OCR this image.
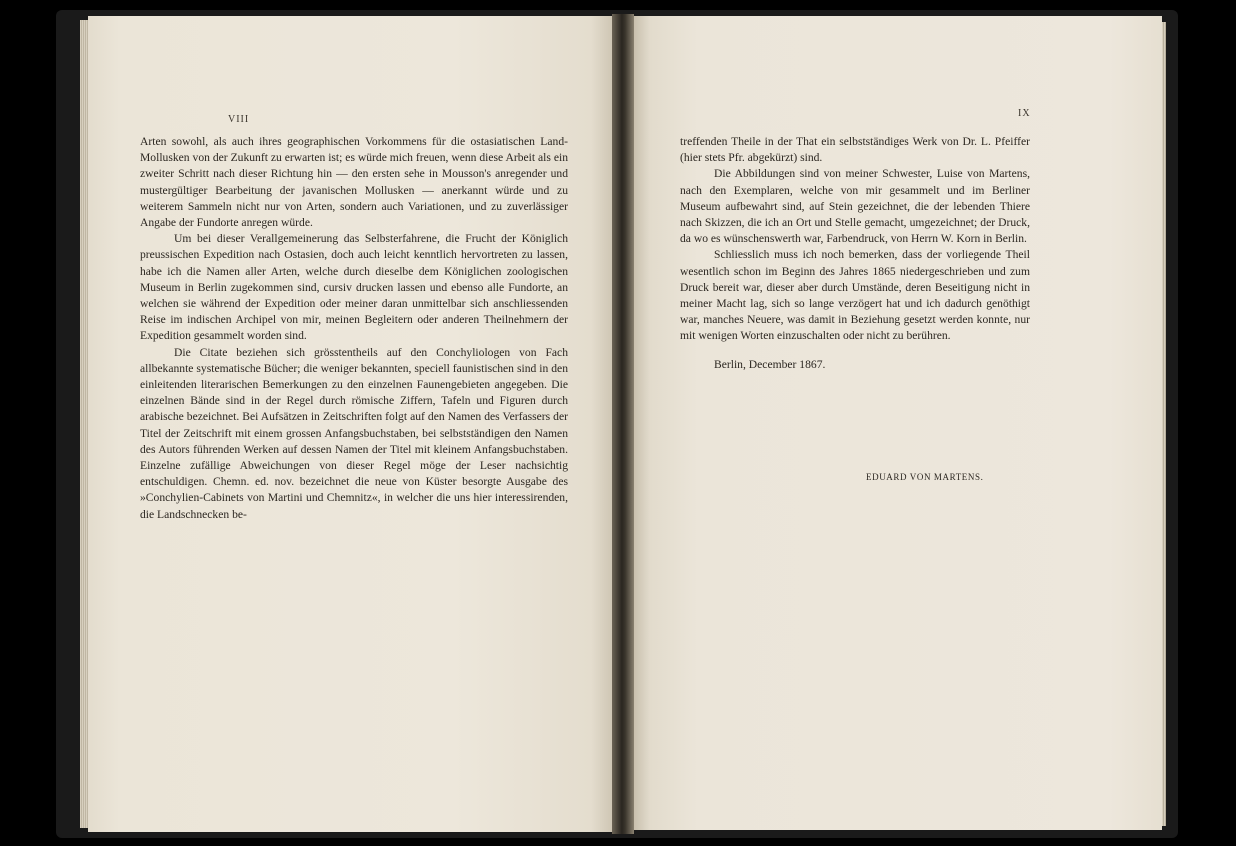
VIII

Arten sowohl, als auch ihres geographischen Vorkommens für die ostasiatischen Land-Mollusken von der Zukunft zu erwarten ist; es würde mich freuen, wenn diese Arbeit als ein zweiter Schritt nach dieser Richtung hin — den ersten sehe in Mousson's anregender und mustergültiger Bearbeitung der javanischen Mollusken — anerkannt würde und zu weiterem Sammeln nicht nur von Arten, sondern auch Variationen, und zu zuverlässiger Angabe der Fundorte anregen würde.

Um bei dieser Verallgemeinerung das Selbsterfahrene, die Frucht der Königlich preussischen Expedition nach Ostasien, doch auch leicht kenntlich hervortreten zu lassen, habe ich die Namen aller Arten, welche durch dieselbe dem Königlichen zoologischen Museum in Berlin zugekommen sind, cursiv drucken lassen und ebenso alle Fundorte, an welchen sie während der Expedition oder meiner daran unmittelbar sich anschliessenden Reise im indischen Archipel von mir, meinen Begleitern oder anderen Theilnehmern der Expedition gesammelt worden sind.

Die Citate beziehen sich grösstentheils auf den Conchyliologen von Fach allbekannte systematische Bücher; die weniger bekannten, speciell faunistischen sind in den einleitenden literarischen Bemerkungen zu den einzelnen Faunengebieten angegeben. Die einzelnen Bände sind in der Regel durch römische Ziffern, Tafeln und Figuren durch arabische bezeichnet. Bei Aufsätzen in Zeitschriften folgt auf den Namen des Verfassers der Titel der Zeitschrift mit einem grossen Anfangsbuchstaben, bei selbstständigen den Namen des Autors führenden Werken auf dessen Namen der Titel mit kleinem Anfangsbuchstaben. Einzelne zufällige Abweichungen von dieser Regel möge der Leser nachsichtig entschuldigen. Chemn. ed. nov. bezeichnet die neue von Küster besorgte Ausgabe des »Conchylien-Cabinets von Martini und Chemnitz«, in welcher die uns hier interessirenden, die Landschnecken be-

IX

treffenden Theile in der That ein selbstständiges Werk von Dr. L. Pfeiffer (hier stets Pfr. abgekürzt) sind.

Die Abbildungen sind von meiner Schwester, Luise von Martens, nach den Exemplaren, welche von mir gesammelt und im Berliner Museum aufbewahrt sind, auf Stein gezeichnet, die der lebenden Thiere nach Skizzen, die ich an Ort und Stelle gemacht, umgezeichnet; der Druck, da wo es wünschenswerth war, Farbendruck, von Herrn W. Korn in Berlin.

Schliesslich muss ich noch bemerken, dass der vorliegende Theil wesentlich schon im Beginn des Jahres 1865 niedergeschrieben und zum Druck bereit war, dieser aber durch Umstände, deren Beseitigung nicht in meiner Macht lag, sich so lange verzögert hat und ich dadurch genöthigt war, manches Neuere, was damit in Beziehung gesetzt werden konnte, nur mit wenigen Worten einzuschalten oder nicht zu berühren.

Berlin, December 1867.

EDUARD VON MARTENS.
